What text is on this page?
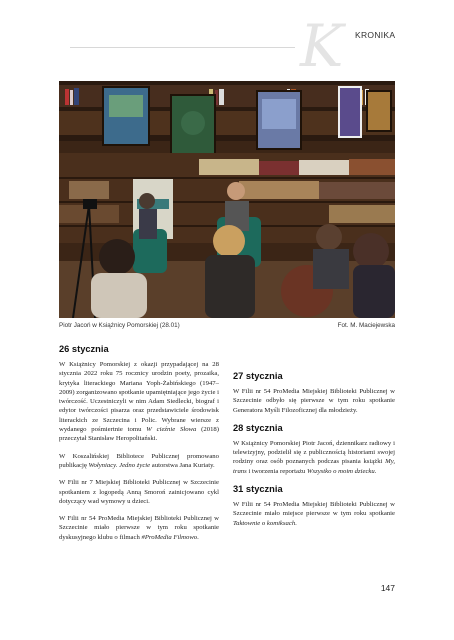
K	KRONIKA
Piotr Jacoń w Książnicy Pomorskiej (28.01)	Fot. M. Maciejewska
26 stycznia

W Książnicy Pomorskiej z okazji przypadającej na 28 stycznia 2022 roku 75 rocznicy urodzin poety, prozaika, krytyka literackiego Mariana Yoph-Żabińskiego (1947–2009) zorganizowano spotkanie upamiętniające jego życie i twórczość. Uczestniczyli w nim Adam Siedlecki, biograf i edytor twórczości pisarza oraz przedstawiciele środowisk literackich ze Szczecina i Polic. Wybrane wiersze z wydanego pośmiertnie tomu W cieźnie Słowa (2018) przeczytał Stanisław Heropolitański.

W Koszalińskiej Bibliotece Publicznej promowano publikację Wołyniacy. Jedno życie autorstwa Jana Kuriaty.

W Filii nr 7 Miejskiej Biblioteki Publicznej w Szczecinie spotkaniem z logopedą Anną Smoroń zainicjowano cykl dotyczący wad wymowy u dzieci.

W Filii nr 54 ProMedia Miejskiej Biblioteki Publicznej w Szczecinie miało pierwsze w tym roku spotkanie dyskusyjnego klubu o filmach #ProMedia Filmowo.

27 stycznia

W Filii nr 54 ProMedia Miejskiej Biblioteki Publicznej w Szczecinie odbyło się pierwsze w tym roku spotkanie Generatora Myśli Filozoficznej dla młodzieży.

28 stycznia

W Książnicy Pomorskiej Piotr Jacoń, dziennikarz radiowy i telewizyjny, podzielił się z publicznością historiami swojej rodziny oraz osób poznanych podczas pisania książki My, trans i tworzenia reportażu Wszystko o moim dziecku.

31 stycznia

W Filii nr 54 ProMedia Miejskiej Biblioteki Publicznej w Szczecinie miało miejsce pierwsze w tym roku spotkanie Taktownie o komiksach.

147
